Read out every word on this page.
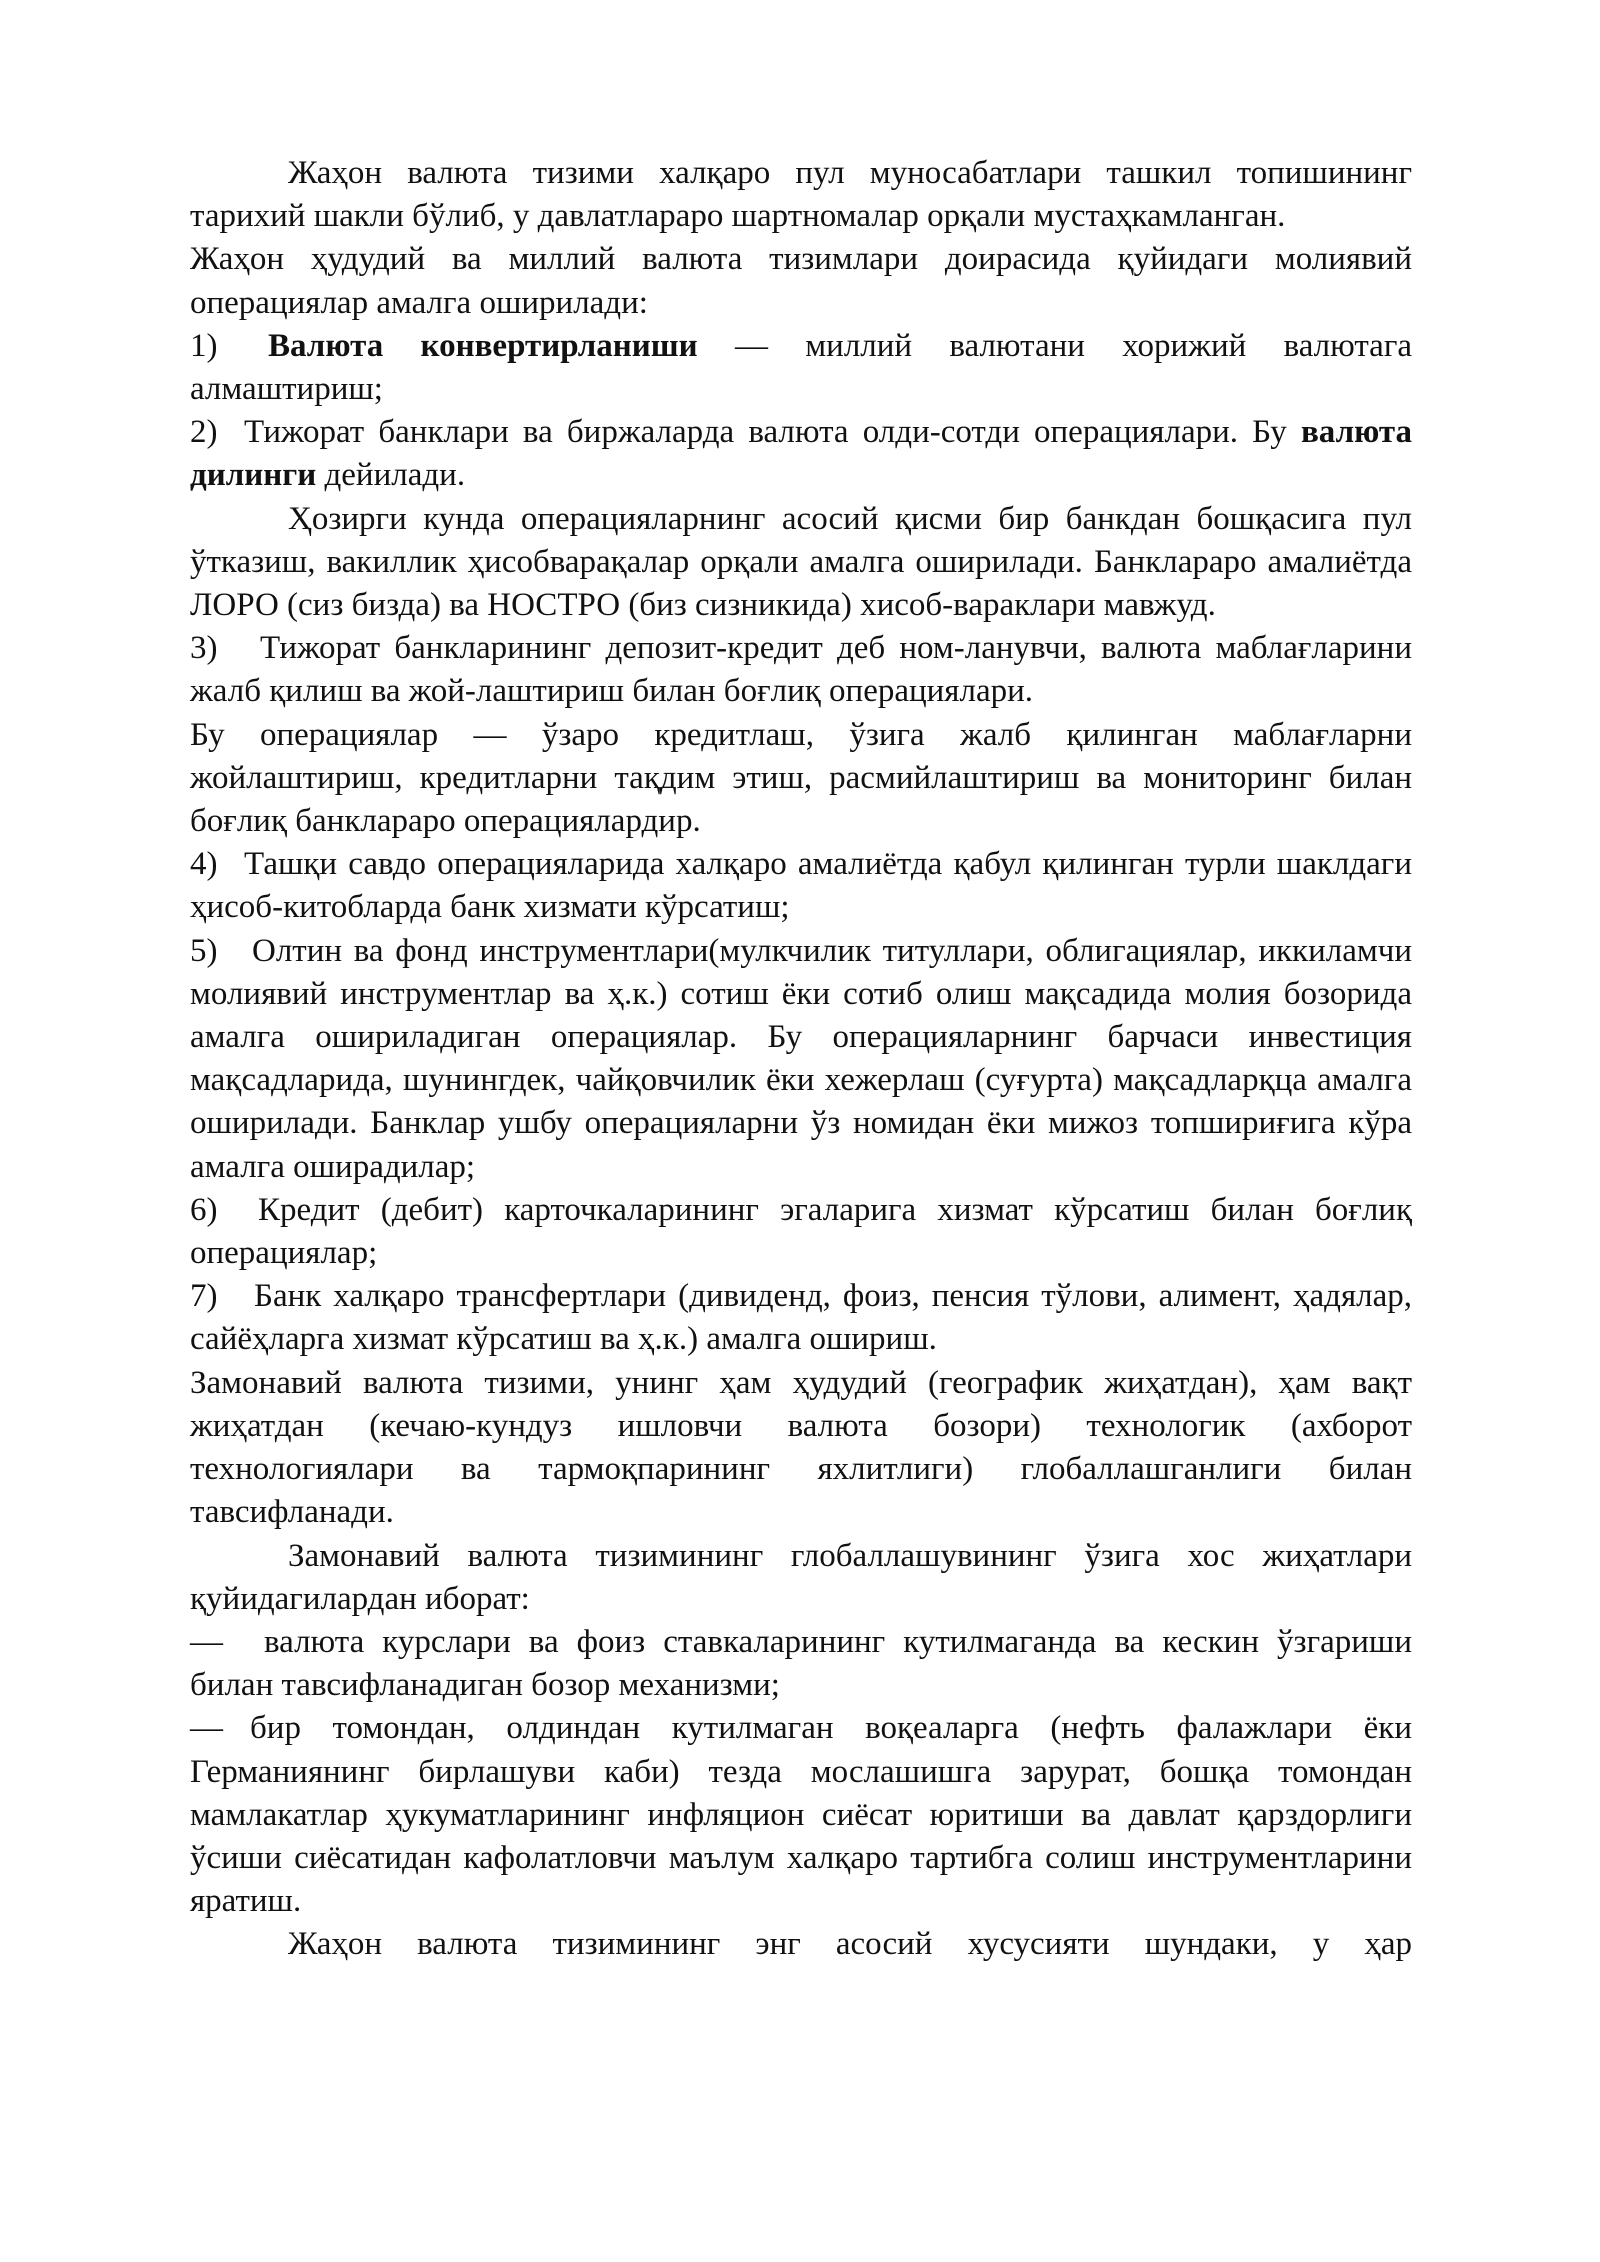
Жаҳон валюта тизими халқаро пул муносабатлари ташкил топишининг тарихий шакли бўлиб, у давлатлараро шартномалар орқали мустаҳкамланган.

Жаҳон ҳудудий ва миллий валюта тизимлари доирасида қуйидаги молиявий операциялар амалга оширилади:

1) Валюта конвертирланиши — миллий валютани хорижий валютага алмаштириш;

2) Тижорат банклари ва биржаларда валюта олди-сотди операциялари. Бу валюта дилинги дейилади.

Ҳозирги кунда операцияларнинг асосий қисми бир банкдан бошқасига пул ўтказиш, вакиллик ҳисобварақалар орқали амалга оширилади. Банклараро амалиётда ЛОРО (сиз бизда) ва НОСТРО (биз сизникида) хисоб-вараклари мавжуд.

3) Тижорат банкларининг депозит-кредит деб ном-ланувчи, валюта маблағларини жалб қилиш ва жой-лаштириш билан боғлиқ операциялари.

Бу операциялар — ўзаро кредитлаш, ўзига жалб қилинган маблағларни жойлаштириш, кредитларни тақдим этиш, расмийлаштириш ва мониторинг билан боғлиқ банклараро операциялардир.

4) Ташқи савдо операцияларида халқаро амалиётда қабул қилинган турли шаклдаги ҳисоб-китобларда банк хизмати кўрсатиш;

5) Олтин ва фонд инструментлари(мулкчилик титуллари, облигациялар, иккиламчи молиявий инструментлар ва ҳ.к.) сотиш ёки сотиб олиш мақсадида молия бозорида амалга ошириладиган операциялар. Бу операцияларнинг барчаси инвестиция мақсадларида, шунингдек, чайқовчилик ёки хежерлаш (суғурта) мақсадларқца амалга оширилади. Банклар ушбу операцияларни ўз номидан ёки мижоз топшириғига кўра амалга оширадилар;

6) Кредит (дебит) карточкаларининг эгаларига хизмат кўрсатиш билан боғлиқ операциялар;

7) Банк халқаро трансфертлари (дивиденд, фоиз, пенсия тўлови, алимент, ҳадялар, сайёҳларга хизмат кўрсатиш ва ҳ.к.) амалга ошириш.

Замонавий валюта тизими, унинг ҳам ҳудудий (географик жиҳатдан), ҳам вақт жиҳатдан (кечаю-кундуз ишловчи валюта бозори) технологик (ахборот технологиялари ва тармоқпарининг яхлитлиги) глобаллашганлиги билан тавсифланади.

Замонавий валюта тизимининг глобаллашувининг ўзига хос жиҳатлари қуйидагилардан иборат:

— валюта курслари ва фоиз ставкаларининг кутилмаганда ва кескин ўзгариши билан тавсифланадиган бозор механизми;

— бир томондан, олдиндан кутилмаган воқеаларга (нефть фалажлари ёки Германиянинг бирлашуви каби) тезда мослашишга зарурат, бошқа томондан мамлакатлар ҳукуматларининг инфляцион сиёсат юритиши ва давлат қарздорлиги ўсиши сиёсатидан кафолатловчи маълум халқаро тартибга солиш инструментларини яратиш.

Жаҳон валюта тизимининг энг асосий хусусияти шундаки, у ҳар
